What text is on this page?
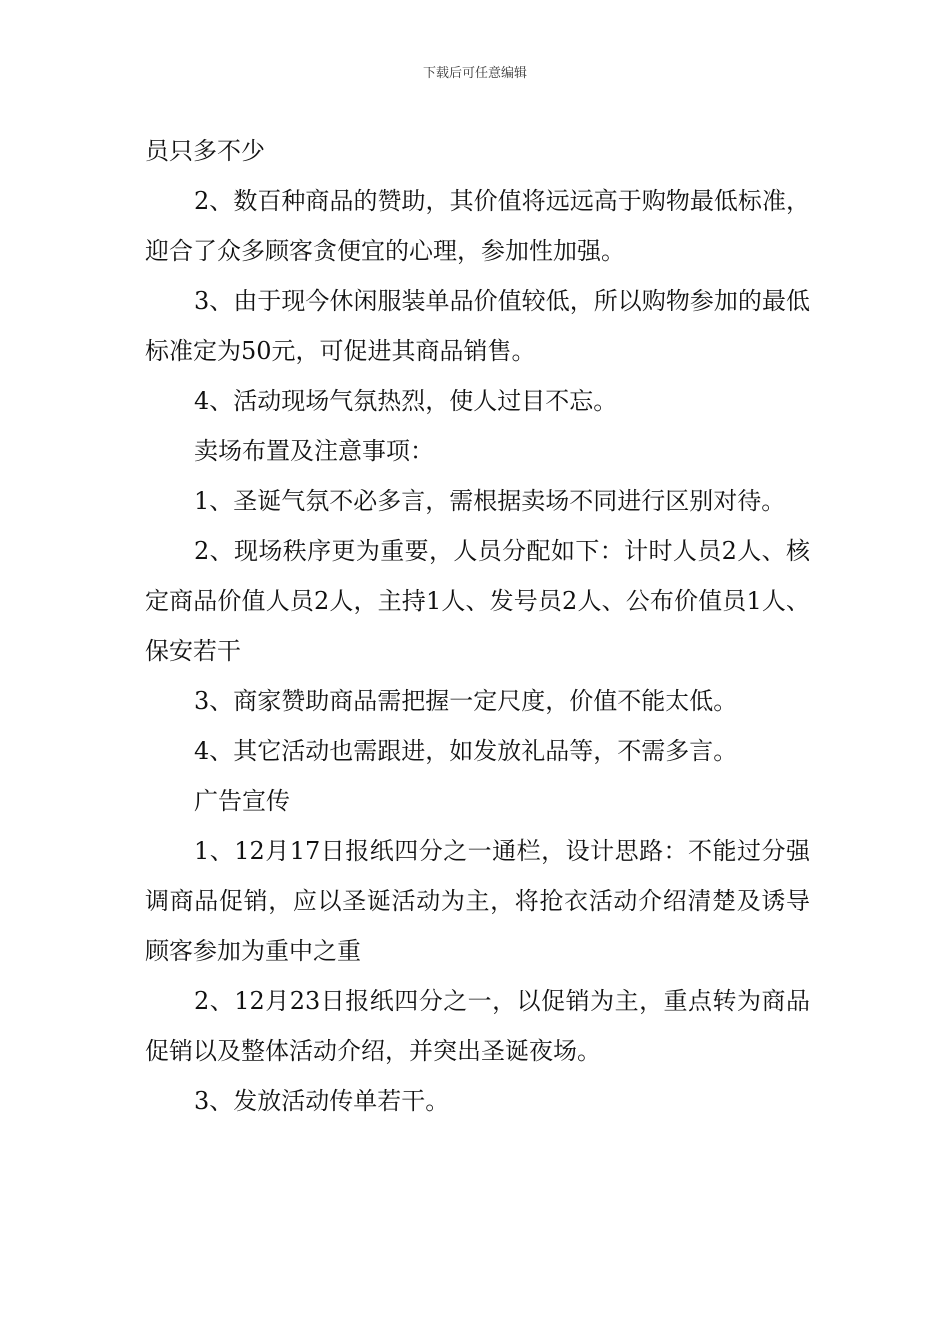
下载后可任意编辑

员只多不少

2、数百种商品的赞助，其价值将远远高于购物最低标准，迎合了众多顾客贪便宜的心理，参加性加强。

3、由于现今休闲服装单品价值较低，所以购物参加的最低标准定为50元，可促进其商品销售。

4、活动现场气氛热烈，使人过目不忘。

卖场布置及注意事项：

1、圣诞气氛不必多言，需根据卖场不同进行区别对待。

2、现场秩序更为重要，人员分配如下：计时人员2人、核定商品价值人员2人，主持1人、发号员2人、公布价值员1人、保安若干

3、商家赞助商品需把握一定尺度，价值不能太低。

4、其它活动也需跟进，如发放礼品等，不需多言。

广告宣传

1、12月17日报纸四分之一通栏，设计思路：不能过分强调商品促销，应以圣诞活动为主，将抢衣活动介绍清楚及诱导顾客参加为重中之重

2、12月23日报纸四分之一，以促销为主，重点转为商品促销以及整体活动介绍，并突出圣诞夜场。

3、发放活动传单若干。
